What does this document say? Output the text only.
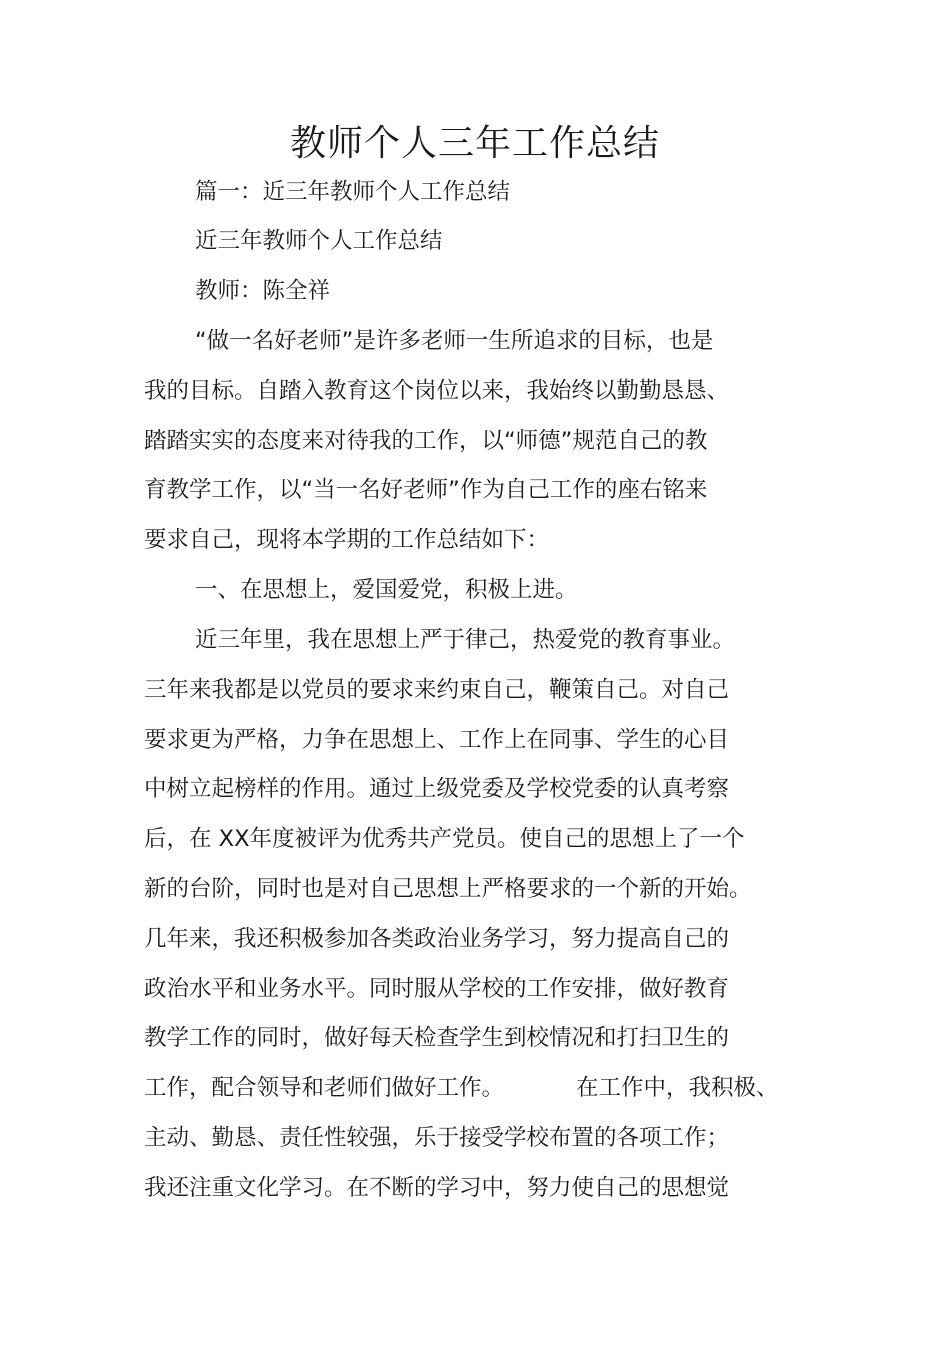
教师个人三年工作总结
篇一：近三年教师个人工作总结
近三年教师个人工作总结
教师：陈全祥
“做一名好老师”是许多老师一生所追求的目标，也是
我的目标。自踏入教育这个岗位以来，我始终以勤勤恳恳、
踏踏实实的态度来对待我的工作，以“师德”规范自己的教
育教学工作，以“当一名好老师”作为自己工作的座右铭来
要求自己，现将本学期的工作总结如下：
一、在思想上，爱国爱党，积极上进。
近三年里，我在思想上严于律己，热爱党的教育事业。
三年来我都是以党员的要求来约束自己，鞭策自己。对自己
要求更为严格，力争在思想上、工作上在同事、学生的心目
中树立起榜样的作用。通过上级党委及学校党委的认真考察
后，在 XX年度被评为优秀共产党员。使自己的思想上了一个
新的台阶，同时也是对自己思想上严格要求的一个新的开始。
几年来，我还积极参加各类政治业务学习，努力提高自己的
政治水平和业务水平。同时服从学校的工作安排，做好教育
教学工作的同时，做好每天检查学生到校情况和打扫卫生的
工作，配合领导和老师们做好工作。	在工作中，我积极、
主动、勤恳、责任性较强，乐于接受学校布置的各项工作；
我还注重文化学习。在不断的学习中，努力使自己的思想觉
